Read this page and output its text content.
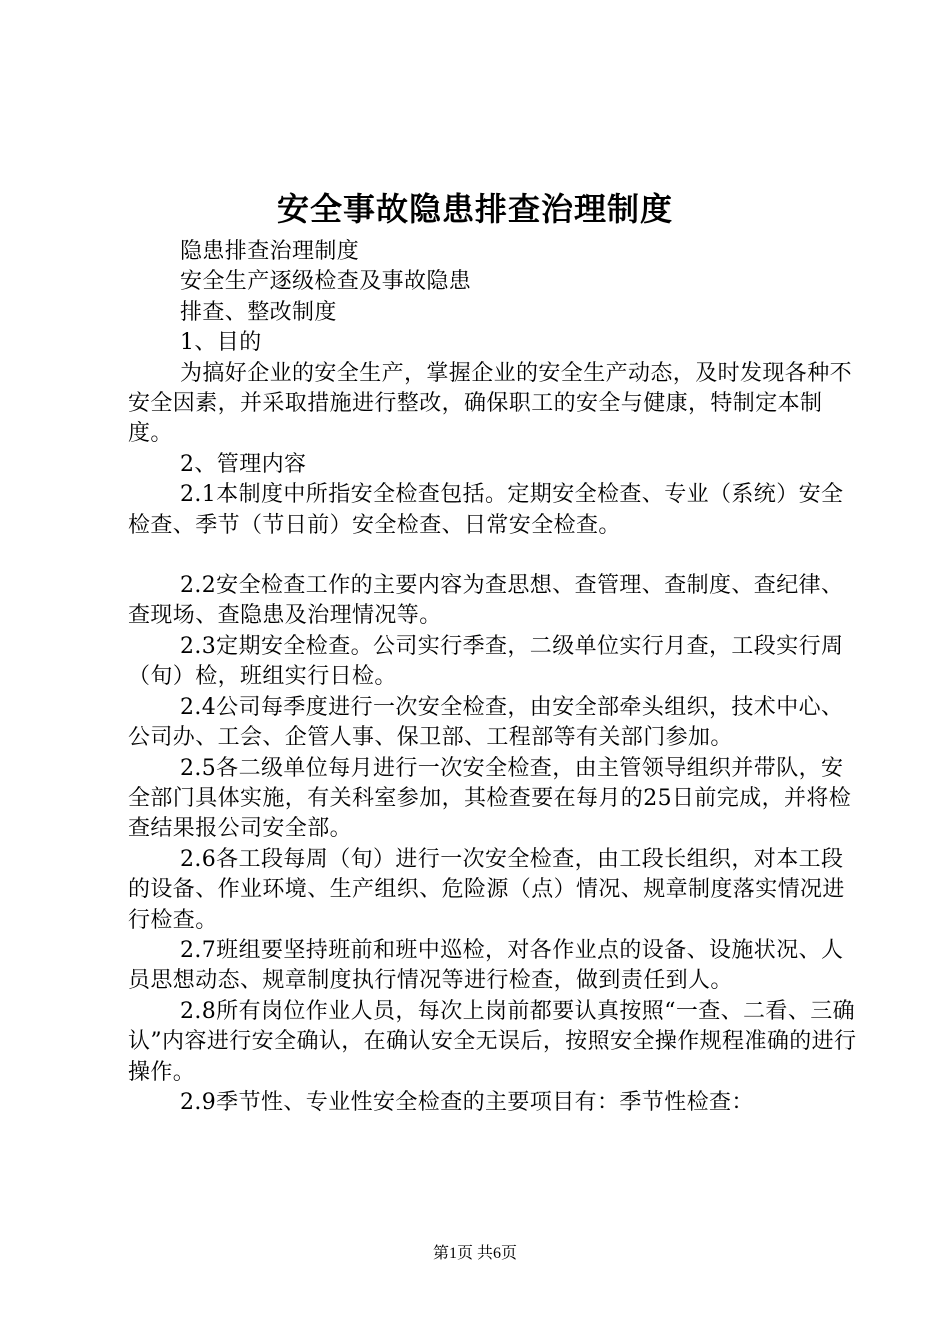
安全事故隐患排查治理制度

隐患排查治理制度

安全生产逐级检查及事故隐患

排查、整改制度

1、目的

为搞好企业的安全生产，掌握企业的安全生产动态，及时发现各种不安全因素，并采取措施进行整改，确保职工的安全与健康，特制定本制度。

2、管理内容

2.1本制度中所指安全检查包括。定期安全检查、专业（系统）安全检查、季节（节日前）安全检查、日常安全检查。

2.2安全检查工作的主要内容为查思想、查管理、查制度、查纪律、查现场、查隐患及治理情况等。

2.3定期安全检查。公司实行季查，二级单位实行月查，工段实行周（旬）检，班组实行日检。

2.4公司每季度进行一次安全检查，由安全部牵头组织，技术中心、公司办、工会、企管人事、保卫部、工程部等有关部门参加。

2.5各二级单位每月进行一次安全检查，由主管领导组织并带队，安全部门具体实施，有关科室参加，其检查要在每月的25日前完成，并将检查结果报公司安全部。

2.6各工段每周（旬）进行一次安全检查，由工段长组织，对本工段的设备、作业环境、生产组织、危险源（点）情况、规章制度落实情况进行检查。

2.7班组要坚持班前和班中巡检，对各作业点的设备、设施状况、人员思想动态、规章制度执行情况等进行检查，做到责任到人。

2.8所有岗位作业人员，每次上岗前都要认真按照“一查、二看、三确认”内容进行安全确认，在确认安全无误后，按照安全操作规程准确的进行操作。

2.9季节性、专业性安全检查的主要项目有：季节性检查：

第1页 共6页
